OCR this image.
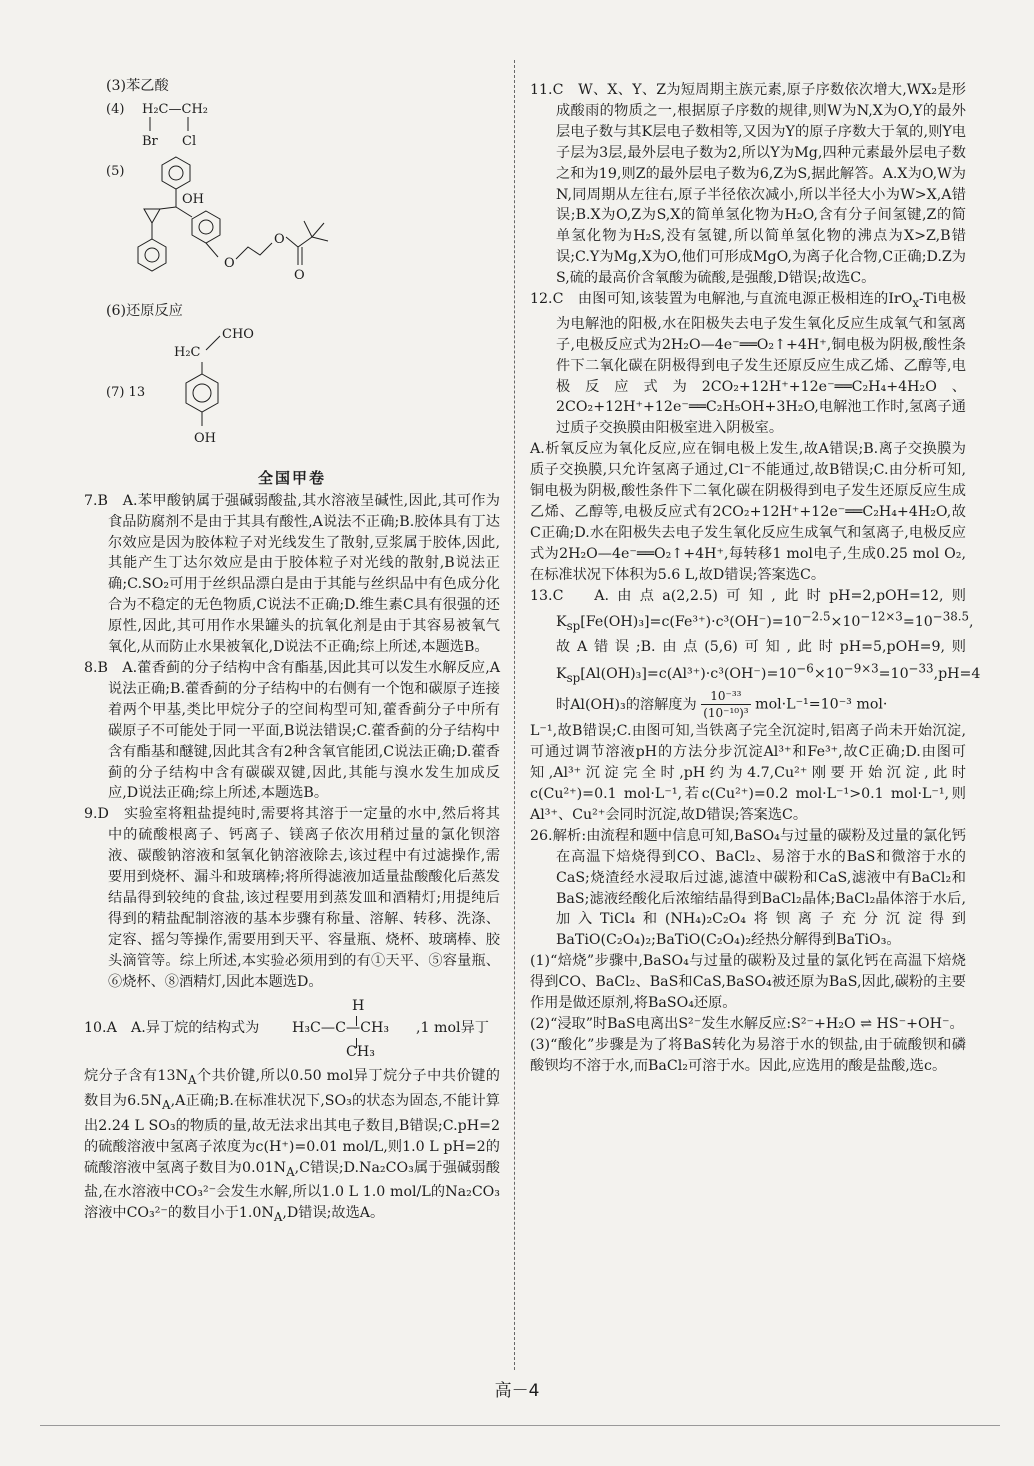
(3)苯乙酸

(4) H₂C—CH₂
Br Cl
(5)
OH
O
O
O

(6)还原反应

CHO
H₂C
OH
(7) 13
全国甲卷

7.B　A.苯甲酸钠属于强碱弱酸盐,其水溶液呈碱性,因此,其可作为食品防腐剂不是由于其具有酸性,A说法不正确;B.胶体具有丁达尔效应是因为胶体粒子对光线发生了散射,豆浆属于胶体,因此,其能产生丁达尔效应是由于胶体粒子对光线的散射,B说法正确;C.SO₂可用于丝织品漂白是由于其能与丝织品中有色成分化合为不稳定的无色物质,C说法不正确;D.维生素C具有很强的还原性,因此,其可用作水果罐头的抗氧化剂是由于其容易被氧气氧化,从而防止水果被氧化,D说法不正确;综上所述,本题选B。

8.B　A.藿香蓟的分子结构中含有酯基,因此其可以发生水解反应,A说法正确;B.藿香蓟的分子结构中的右侧有一个饱和碳原子连接着两个甲基,类比甲烷分子的空间构型可知,藿香蓟分子中所有碳原子不可能处于同一平面,B说法错误;C.藿香蓟的分子结构中含有酯基和醚键,因此其含有2种含氧官能团,C说法正确;D.藿香蓟的分子结构中含有碳碳双键,因此,其能与溴水发生加成反应,D说法正确;综上所述,本题选B。

9.D　实验室将粗盐提纯时,需要将其溶于一定量的水中,然后将其中的硫酸根离子、钙离子、镁离子依次用稍过量的氯化钡溶液、碳酸钠溶液和氢氧化钠溶液除去,该过程中有过滤操作,需要用到烧杯、漏斗和玻璃棒;将所得滤液加适量盐酸酸化后蒸发结晶得到较纯的食盐,该过程要用到蒸发皿和酒精灯;用提纯后得到的精盐配制溶液的基本步骤有称量、溶解、转移、洗涤、定容、摇匀等操作,需要用到天平、容量瓶、烧杯、玻璃棒、胶头滴管等。综上所述,本实验必须用到的有①天平、⑤容量瓶、⑥烧杯、⑧酒精灯,因此本题选D。

H
10.A　A.异丁烷的结构式为 H₃C—C—CH₃ ,1 mol异丁
CH₃

烷分子含有$13N_A$个共价键,所以0.50 mol异丁烷分子中共价键的数目为$6.5N_A,A$正确;B.在标准状况下,SO₃的状态为固态,不能计算出2.24 L SO₃的物质的量,故无法求出其电子数目,B错误;C.pH=2的硫酸溶液中氢离子浓度为c(H⁺)=0.01 mol/L,则1.0 L pH=2的硫酸溶液中氢离子数目为$0.01N_A,C$错误;D.Na₂CO₃属于强碱弱酸盐,在水溶液中CO₃²⁻会发生水解,所以1.0 L 1.0 mol/L的Na₂CO₃溶液中CO₃²⁻的数目小于$1.0N_A,D$错误;故选A。

11.C　W、X、Y、Z为短周期主族元素,原子序数依次增大,WX₂是形成酸雨的物质之一,根据原子序数的规律,则W为N,X为O,Y的最外层电子数与其K层电子数相等,又因为Y的原子序数大于氧的,则Y电子层为3层,最外层电子数为2,所以Y为Mg,四种元素最外层电子数之和为19,则Z的最外层电子数为6,Z为S,据此解答。A.X为O,W为N,同周期从左往右,原子半径依次减小,所以半径大小为W>X,A错误;B.X为O,Z为S,X的简单氢化物为H₂O,含有分子间氢键,Z的简单氢化物为H₂S,没有氢键,所以简单氢化物的沸点为X>Z,B错误;C.Y为Mg,X为O,他们可形成MgO,为离子化合物,C正确;D.Z为S,硫的最高价含氧酸为硫酸,是强酸,D错误;故选C。

12.C　由图可知,该装置为电解池,与直流电源正极相连的IrO$_x$-Ti电极为电解池的阳极,水在阳极失去电子发生氧化反应生成氧气和氢离子,电极反应式为2H₂O—4e⁻══O₂↑+4H⁺,铜电极为阴极,酸性条件下二氧化碳在阴极得到电子发生还原反应生成乙烯、乙醇等,电极反应式为2CO₂+12H⁺+12e⁻══C₂H₄+4H₂O、2CO₂+12H⁺+12e⁻══C₂H₅OH+3H₂O,电解池工作时,氢离子通过质子交换膜由阳极室进入阴极室。

A.析氧反应为氧化反应,应在铜电极上发生,故A错误;B.离子交换膜为质子交换膜,只允许氢离子通过,Cl⁻不能通过,故B错误;C.由分析可知,铜电极为阴极,酸性条件下二氧化碳在阴极得到电子发生还原反应生成乙烯、乙醇等,电极反应式有2CO₂+12H⁺+12e⁻══C₂H₄+4H₂O,故C正确;D.水在阳极失去电子发生氧化反应生成氧气和氢离子,电极反应式为2H₂O—4e⁻══O₂↑+4H⁺,每转移1 mol电子,生成0.25 mol O₂,在标准状况下体积为5.6 L,故D错误;答案选C。

13.C　A.由点a(2,2.5)可知,此时pH=2,pOH=12,则$K_{sp}[Fe(OH)_3]=c(Fe^{3+})\cdot c^3(OH^-)=10^{-2.5}\times 10^{-12\times 3}=10^{-38.5}$,故A错误;B.由点(5,6)可知,此时pH=5,pOH=9,则$K_{sp}[Al(OH)_3]=c(Al^{3+})\cdot c^3(OH^-)=10^{-6}\times 10^{-9\times 3}=10^{-33},pH=4$时Al(OH)₃的溶解度为 $\frac{\text{10⁻³³}}{\text{(10⁻¹⁰)³}} mol\cdot L^{-1}=10^{-3}$ mol·

L⁻¹,故B错误;C.由图可知,当铁离子完全沉淀时,铝离子尚未开始沉淀,可通过调节溶液pH的方法分步沉淀Al³⁺和Fe³⁺,故C正确;D.由图可知,Al³⁺沉淀完全时,pH约为4.7,Cu²⁺刚要开始沉淀,此时c(Cu²⁺)=0.1 mol·L⁻¹,若c(Cu²⁺)=0.2 mol·L⁻¹>0.1 mol·L⁻¹,则Al³⁺、Cu²⁺会同时沉淀,故D错误;答案选C。

26.解析:由流程和题中信息可知,BaSO₄与过量的碳粉及过量的氯化钙在高温下焙烧得到CO、BaCl₂、易溶于水的BaS和微溶于水的CaS;烧渣经水浸取后过滤,滤渣中碳粉和CaS,滤液中有BaCl₂和BaS;滤液经酸化后浓缩结晶得到BaCl₂晶体;BaCl₂晶体溶于水后,加入TiCl₄和(NH₄)₂C₂O₄将钡离子充分沉淀得到BaTiO(C₂O₄)₂;BaTiO(C₂O₄)₂经热分解得到BaTiO₃。

(1)“焙烧”步骤中,BaSO₄与过量的碳粉及过量的氯化钙在高温下焙烧得到CO、BaCl₂、BaS和CaS,BaSO₄被还原为BaS,因此,碳粉的主要作用是做还原剂,将BaSO₄还原。

(2)“浸取”时BaS电离出S²⁻发生水解反应:S²⁻+H₂O ⇌ HS⁻+OH⁻。

(3)“酸化”步骤是为了将BaS转化为易溶于水的钡盐,由于硫酸钡和磷酸钡均不溶于水,而BaCl₂可溶于水。因此,应选用的酸是盐酸,选c。

高－4
